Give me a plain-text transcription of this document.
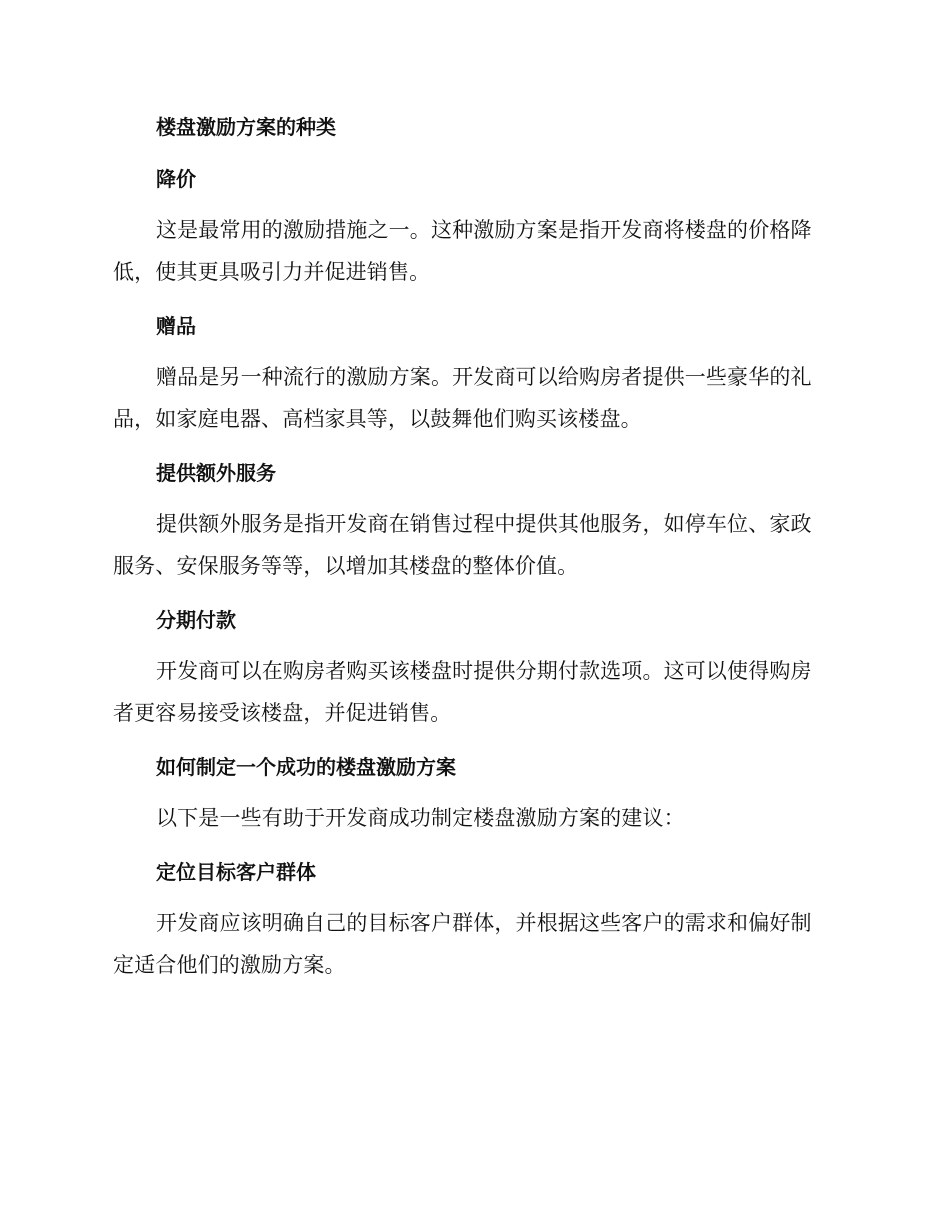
楼盘激励方案的种类
降价

这是最常用的激励措施之一。这种激励方案是指开发商将楼盘的价格降低，使其更具吸引力并促进销售。

赠品

赠品是另一种流行的激励方案。开发商可以给购房者提供一些豪华的礼品，如家庭电器、高档家具等，以鼓舞他们购买该楼盘。

提供额外服务

提供额外服务是指开发商在销售过程中提供其他服务，如停车位、家政服务、安保服务等等，以增加其楼盘的整体价值。

分期付款

开发商可以在购房者购买该楼盘时提供分期付款选项。这可以使得购房者更容易接受该楼盘，并促进销售。

如何制定一个成功的楼盘激励方案

以下是一些有助于开发商成功制定楼盘激励方案的建议：

定位目标客户群体

开发商应该明确自己的目标客户群体，并根据这些客户的需求和偏好制定适合他们的激励方案。
